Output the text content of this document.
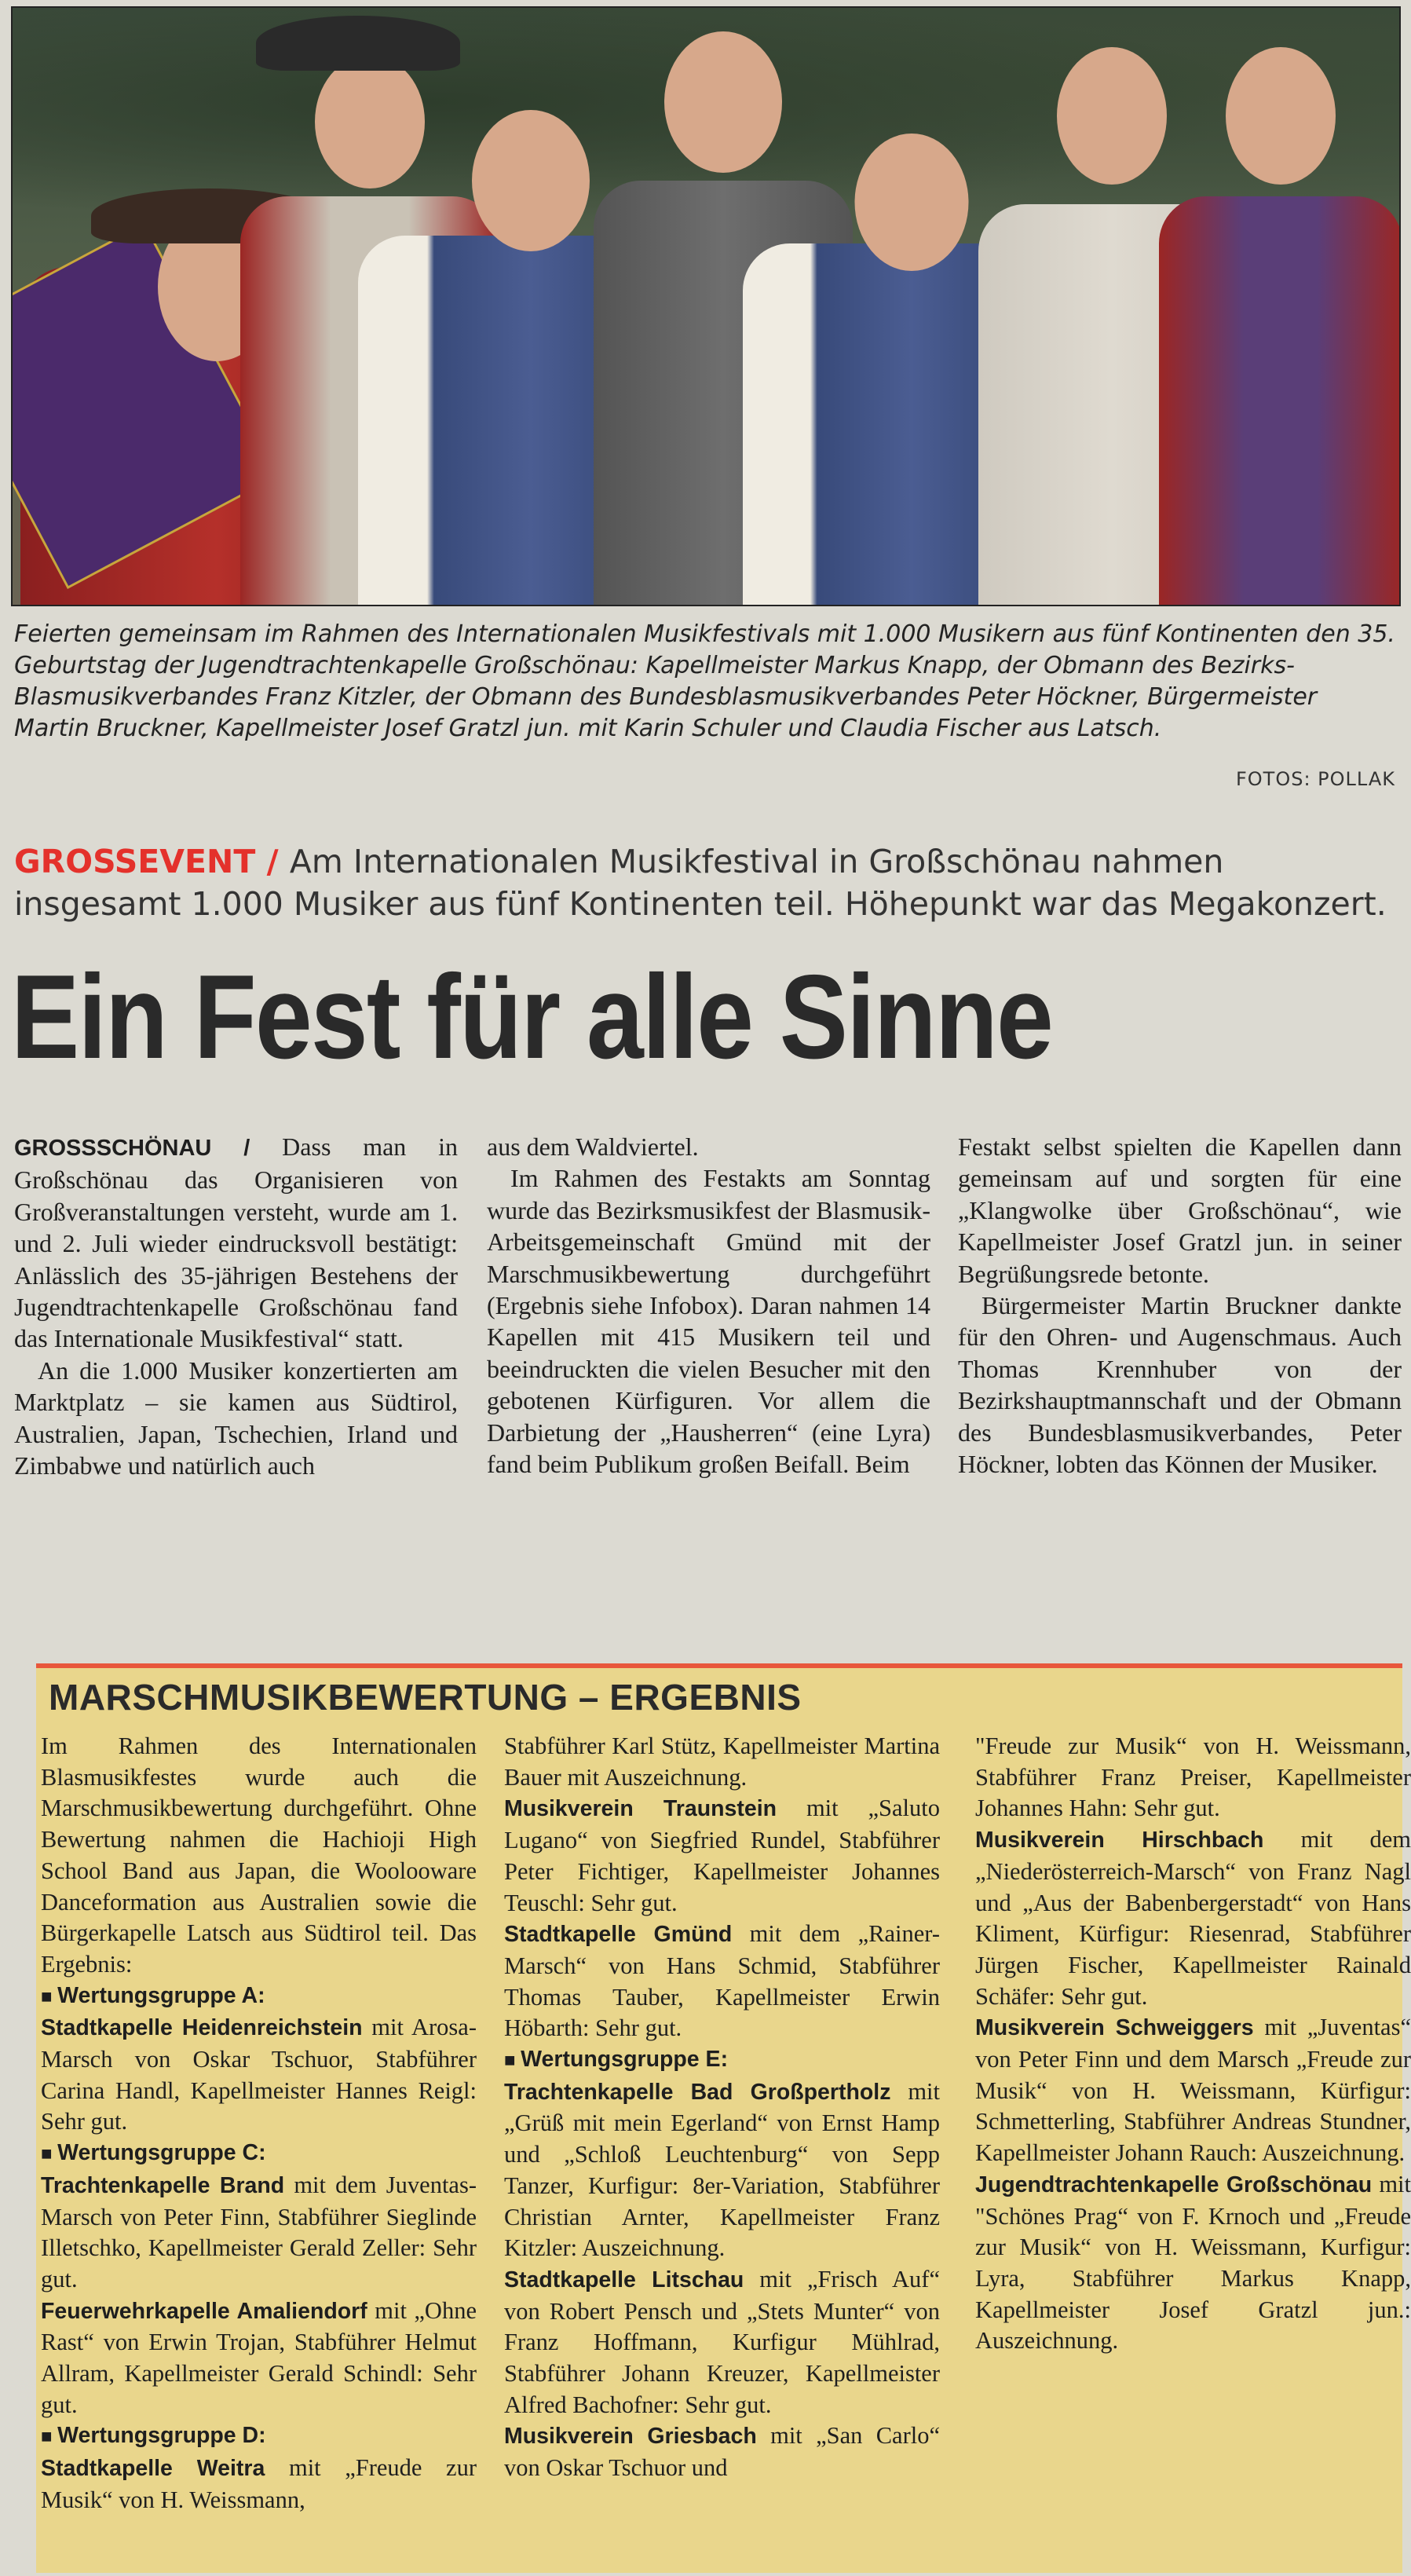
Feierten gemeinsam im Rahmen des Internationalen Musikfestivals mit 1.000 Musikern aus fünf Kontinenten den 35. Geburtstag der Jugendtrachtenkapelle Großschönau: Kapellmeister Markus Knapp, der Obmann des Bezirks-Blasmusikverbandes Franz Kitzler, der Obmann des Bundesblasmusikverbandes Peter Höckner, Bürgermeister Martin Bruckner, Kapellmeister Josef Gratzl jun. mit Karin Schuler und Claudia Fischer aus Latsch.
FOTOS: POLLAK
GROSSEVENT / Am Internationalen Musikfestival in Großschönau nahmen insgesamt 1.000 Musiker aus fünf Kontinenten teil. Höhepunkt war das Megakonzert.
Ein Fest für alle Sinne

GROSSSCHÖNAU / Dass man in Großschönau das Organisieren von Großveranstaltungen versteht, wurde am 1. und 2. Juli wieder eindrucksvoll bestätigt: Anlässlich des 35-jährigen Bestehens der Jugendtrachtenkapelle Großschönau fand das Internationale Musikfestival“ statt.

An die 1.000 Musiker konzertierten am Marktplatz – sie kamen aus Südtirol, Australien, Japan, Tschechien, Irland und Zimbabwe und natürlich auch

aus dem Waldviertel.

Im Rahmen des Festakts am Sonntag wurde das Bezirksmusikfest der Blasmusik-Arbeitsgemeinschaft Gmünd mit der Marschmusikbewertung durchgeführt (Ergebnis siehe Infobox). Daran nahmen 14 Kapellen mit 415 Musikern teil und beeindruckten die vielen Besucher mit den gebotenen Kürfiguren. Vor allem die Darbietung der „Hausherren“ (eine Lyra) fand beim Publikum großen Beifall. Beim

Festakt selbst spielten die Kapellen dann gemeinsam auf und sorgten für eine „Klangwolke über Großschönau“, wie Kapellmeister Josef Gratzl jun. in seiner Begrüßungsrede betonte.

Bürgermeister Martin Bruckner dankte für den Ohren- und Augenschmaus. Auch Thomas Krennhuber von der Bezirkshauptmannschaft und der Obmann des Bundesblasmusikverbandes, Peter Höckner, lobten das Können der Musiker.

MARSCHMUSIKBEWERTUNG – ERGEBNIS

Im Rahmen des Internationalen Blasmusikfestes wurde auch die Marschmusikbewertung durchgeführt. Ohne Bewertung nahmen die Hachioji High School Band aus Japan, die Woolooware Danceformation aus Australien sowie die Bürgerkapelle Latsch aus Südtirol teil. Das Ergebnis:

■ Wertungsgruppe A:

Stadtkapelle Heidenreichstein mit Arosa-Marsch von Oskar Tschuor, Stabführer Carina Handl, Kapellmeister Hannes Reigl: Sehr gut.

■ Wertungsgruppe C:

Trachtenkapelle Brand mit dem Juventas-Marsch von Peter Finn, Stabführer Sieglinde Illetschko, Kapellmeister Gerald Zeller: Sehr gut.

Feuerwehrkapelle Amaliendorf mit „Ohne Rast“ von Erwin Trojan, Stabführer Helmut Allram, Kapellmeister Gerald Schindl: Sehr gut.

■ Wertungsgruppe D:

Stadtkapelle Weitra mit „Freude zur Musik“ von H. Weissmann,

Stabführer Karl Stütz, Kapellmeister Martina Bauer mit Auszeichnung.

Musikverein Traunstein mit „Saluto Lugano“ von Siegfried Rundel, Stabführer Peter Fichtiger, Kapellmeister Johannes Teuschl: Sehr gut.

Stadtkapelle Gmünd mit dem „Rainer-Marsch“ von Hans Schmid, Stabführer Thomas Tauber, Kapellmeister Erwin Höbarth: Sehr gut.

■ Wertungsgruppe E:

Trachtenkapelle Bad Großpertholz mit „Grüß mit mein Egerland“ von Ernst Hamp und „Schloß Leuchtenburg“ von Sepp Tanzer, Kurfigur: 8er-Variation, Stabführer Christian Arnter, Kapellmeister Franz Kitzler: Auszeichnung.

Stadtkapelle Litschau mit „Frisch Auf“ von Robert Pensch und „Stets Munter“ von Franz Hoffmann, Kurfigur Mühlrad, Stabführer Johann Kreuzer, Kapellmeister Alfred Bachofner: Sehr gut.

Musikverein Griesbach mit „San Carlo“ von Oskar Tschuor und

"Freude zur Musik“ von H. Weissmann, Stabführer Franz Preiser, Kapellmeister Johannes Hahn: Sehr gut.

Musikverein Hirschbach mit dem „Niederösterreich-Marsch“ von Franz Nagl und „Aus der Babenbergerstadt“ von Hans Kliment, Kürfigur: Riesenrad, Stabführer Jürgen Fischer, Kapellmeister Rainald Schäfer: Sehr gut.

Musikverein Schweiggers mit „Juventas“ von Peter Finn und dem Marsch „Freude zur Musik“ von H. Weissmann, Kürfigur: Schmetterling, Stabführer Andreas Stundner, Kapellmeister Johann Rauch: Auszeichnung.

Jugendtrachtenkapelle Großschönau mit "Schönes Prag“ von F. Krnoch und „Freude zur Musik“ von H. Weissmann, Kurfigur: Lyra, Stabführer Markus Knapp, Kapellmeister Josef Gratzl jun.: Auszeichnung.
